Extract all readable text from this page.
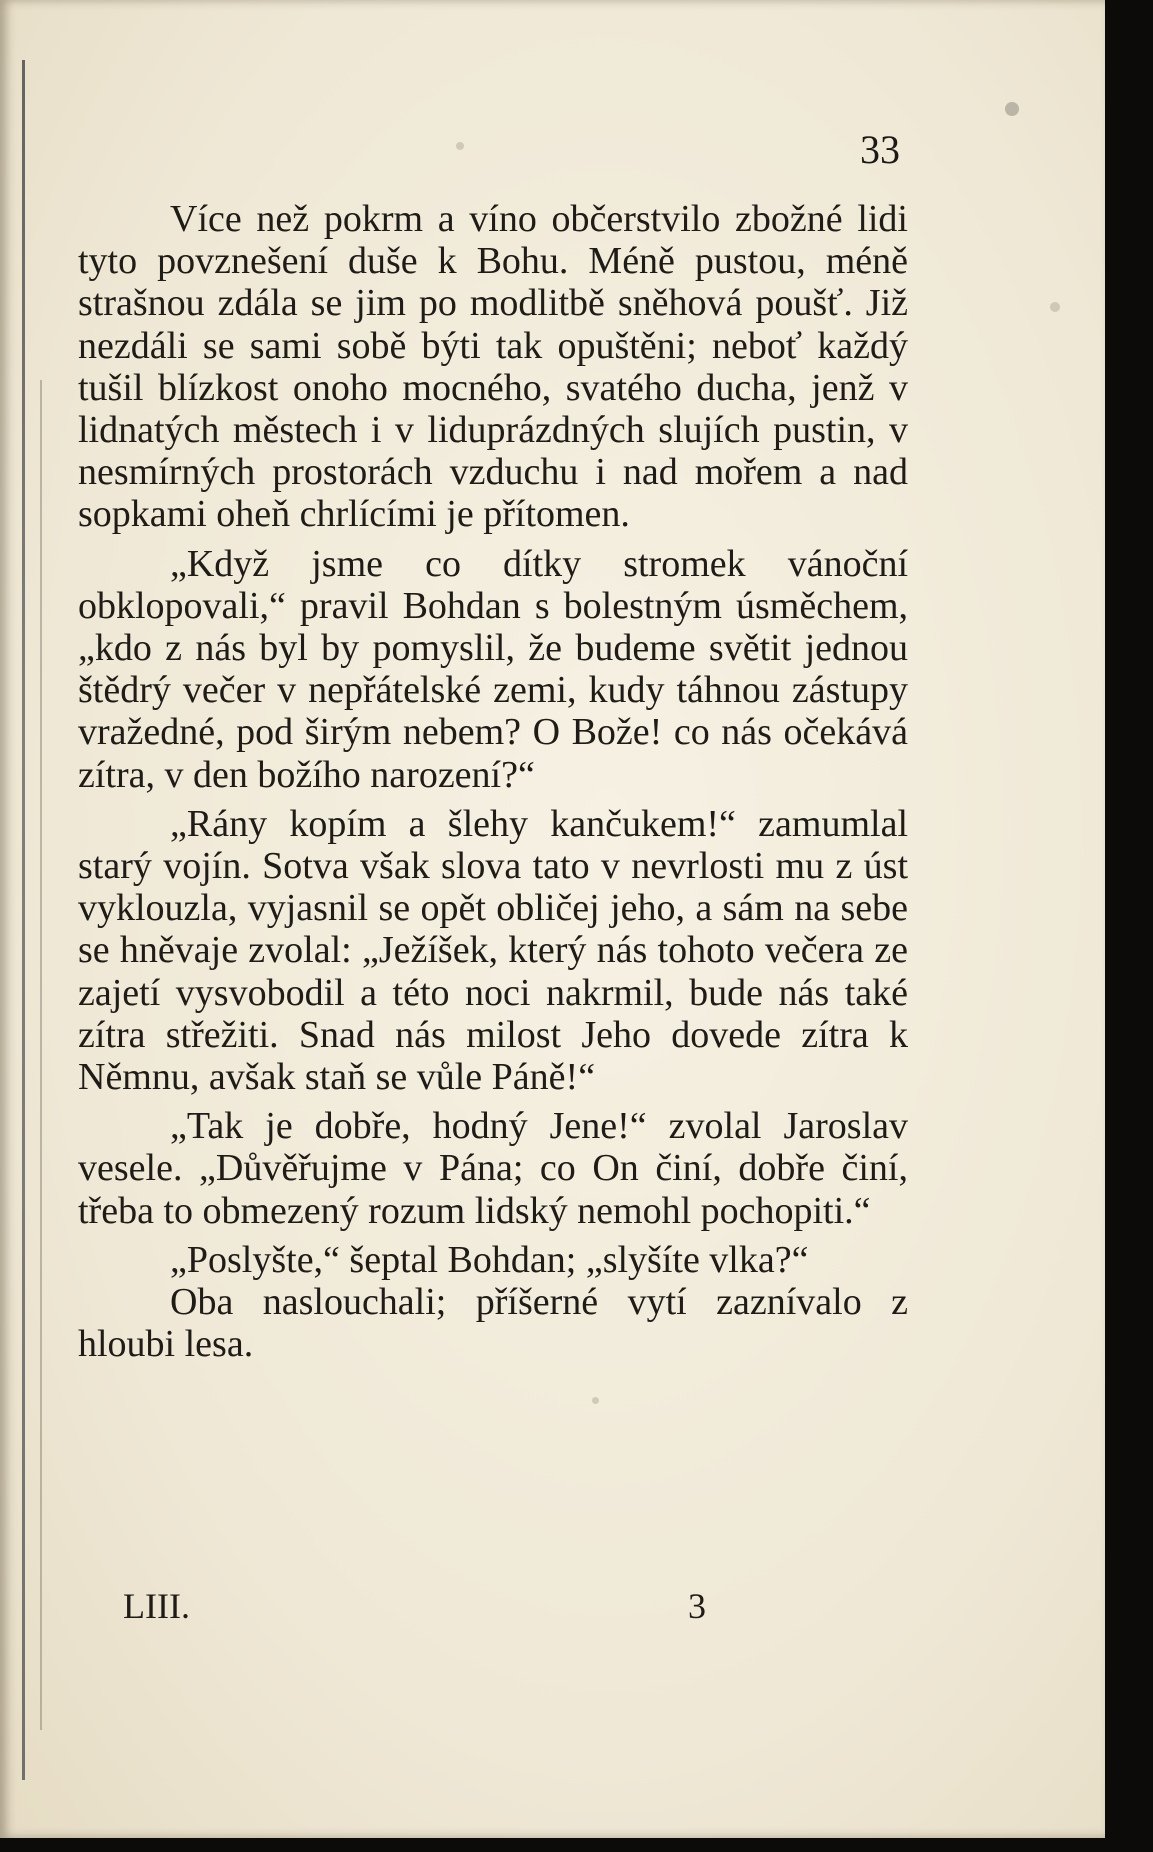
33

Více než pokrm a víno občerstvilo zbožné lidi tyto povznešení duše k Bohu. Méně pustou, méně strašnou zdála se jim po modlitbě sněhová poušť. Již nezdáli se sami sobě býti tak opuštěni; neboť každý tušil blízkost onoho mocného, svatého ducha, jenž v lidnatých městech i v liduprázdných slujích pustin, v nesmírných prostorách vzduchu i nad mořem a nad sopkami oheň chrlícími je přítomen.

„Když jsme co dítky stromek vánoční obklopovali,“ pravil Bohdan s bolestným úsměchem, „kdo z nás byl by pomyslil, že budeme světit jednou štědrý večer v nepřátelské zemi, kudy táhnou zástupy vražedné, pod širým nebem? O Bože! co nás očekává zítra, v den božího narození?“

„Rány kopím a šlehy kančukem!“ zamumlal starý vojín. Sotva však slova tato v nevrlosti mu z úst vyklouzla, vyjasnil se opět obličej jeho, a sám na sebe se hněvaje zvolal: „Ježíšek, který nás tohoto večera ze zajetí vysvobodil a této noci nakrmil, bude nás také zítra střežiti. Snad nás milost Jeho dovede zítra k Němnu, avšak staň se vůle Páně!“

„Tak je dobře, hodný Jene!“ zvolal Jaroslav vesele. „Důvěřujme v Pána; co On činí, dobře činí, třeba to obmezený rozum lidský nemohl pochopiti.“

„Poslyšte,“ šeptal Bohdan; „slyšíte vlka?“

Oba naslouchali; příšerné vytí zaznívalo z hloubi lesa.

LIII.	3
